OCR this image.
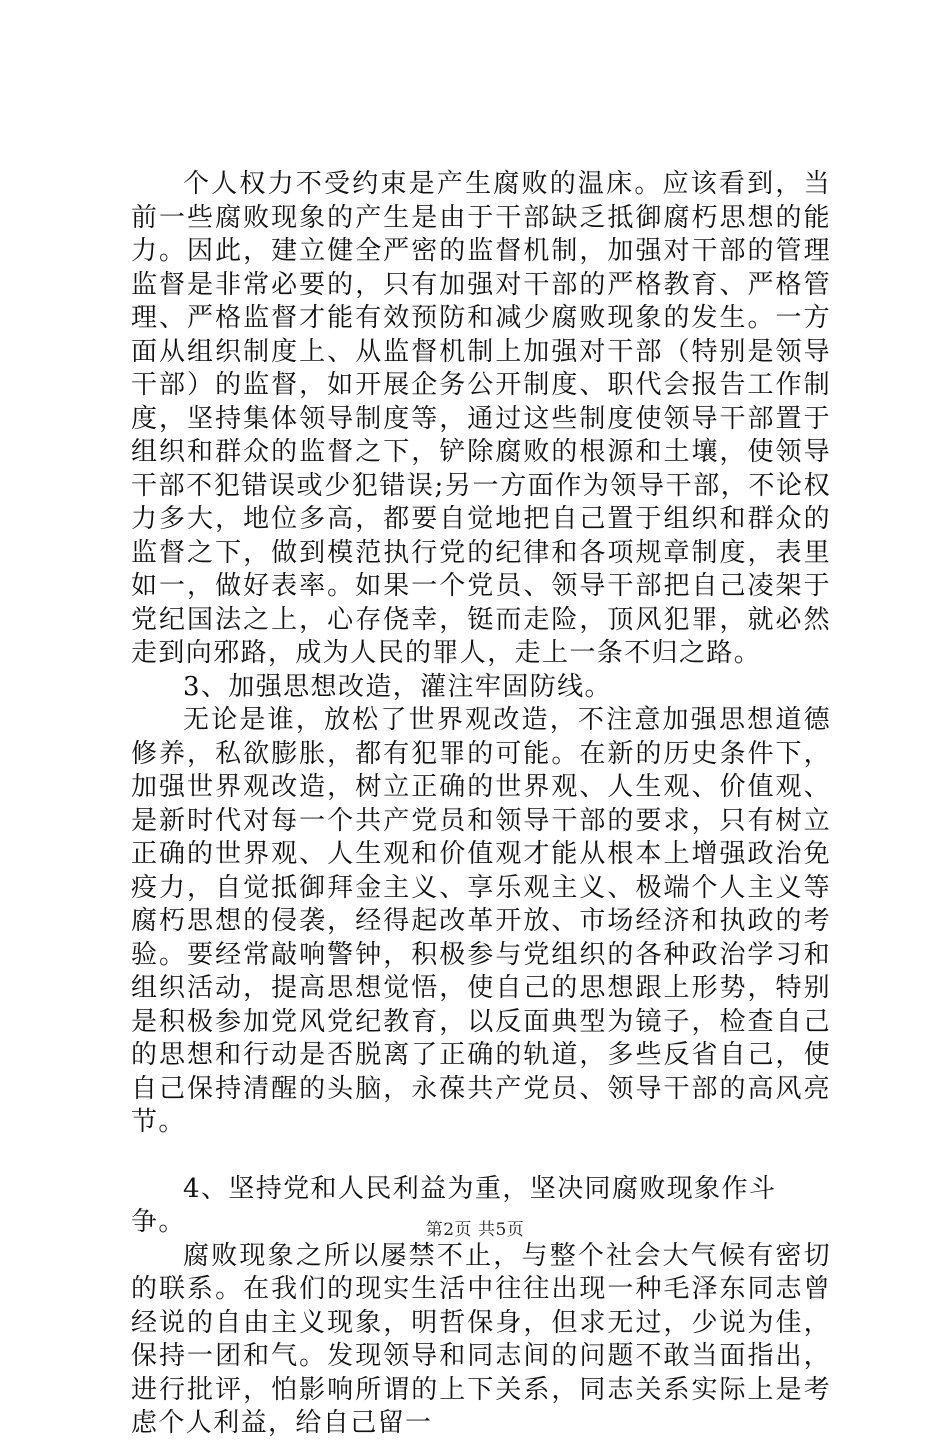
个人权力不受约束是产生腐败的温床。应该看到，当前一些腐败现象的产生是由于干部缺乏抵御腐朽思想的能力。因此，建立健全严密的监督机制，加强对干部的管理监督是非常必要的，只有加强对干部的严格教育、严格管理、严格监督才能有效预防和减少腐败现象的发生。一方面从组织制度上、从监督机制上加强对干部（特别是领导干部）的监督，如开展企务公开制度、职代会报告工作制度，坚持集体领导制度等，通过这些制度使领导干部置于组织和群众的监督之下，铲除腐败的根源和土壤，使领导干部不犯错误或少犯错误;另一方面作为领导干部，不论权力多大，地位多高，都要自觉地把自己置于组织和群众的监督之下，做到模范执行党的纪律和各项规章制度，表里如一，做好表率。如果一个党员、领导干部把自己凌架于党纪国法之上，心存侥幸，铤而走险，顶风犯罪，就必然走到向邪路，成为人民的罪人，走上一条不归之路。

3、加强思想改造，灌注牢固防线。

无论是谁，放松了世界观改造，不注意加强思想道德修养，私欲膨胀，都有犯罪的可能。在新的历史条件下，加强世界观改造，树立正确的世界观、人生观、价值观、是新时代对每一个共产党员和领导干部的要求，只有树立正确的世界观、人生观和价值观才能从根本上增强政治免疫力，自觉抵御拜金主义、享乐观主义、极端个人主义等腐朽思想的侵袭，经得起改革开放、市场经济和执政的考验。要经常敲响警钟，积极参与党组织的各种政治学习和组织活动，提高思想觉悟，使自己的思想跟上形势，特别是积极参加党风党纪教育，以反面典型为镜子，检查自己的思想和行动是否脱离了正确的轨道，多些反省自己，使自己保持清醒的头脑，永葆共产党员、领导干部的高风亮节。

4、坚持党和人民利益为重，坚决同腐败现象作斗争。

腐败现象之所以屡禁不止，与整个社会大气候有密切的联系。在我们的现实生活中往往出现一种毛泽东同志曾经说的自由主义现象，明哲保身，但求无过，少说为佳，保持一团和气。发现领导和同志间的问题不敢当面指出，进行批评，怕影响所谓的上下关系，同志关系实际上是考虑个人利益，给自己留一

第2页 共5页
